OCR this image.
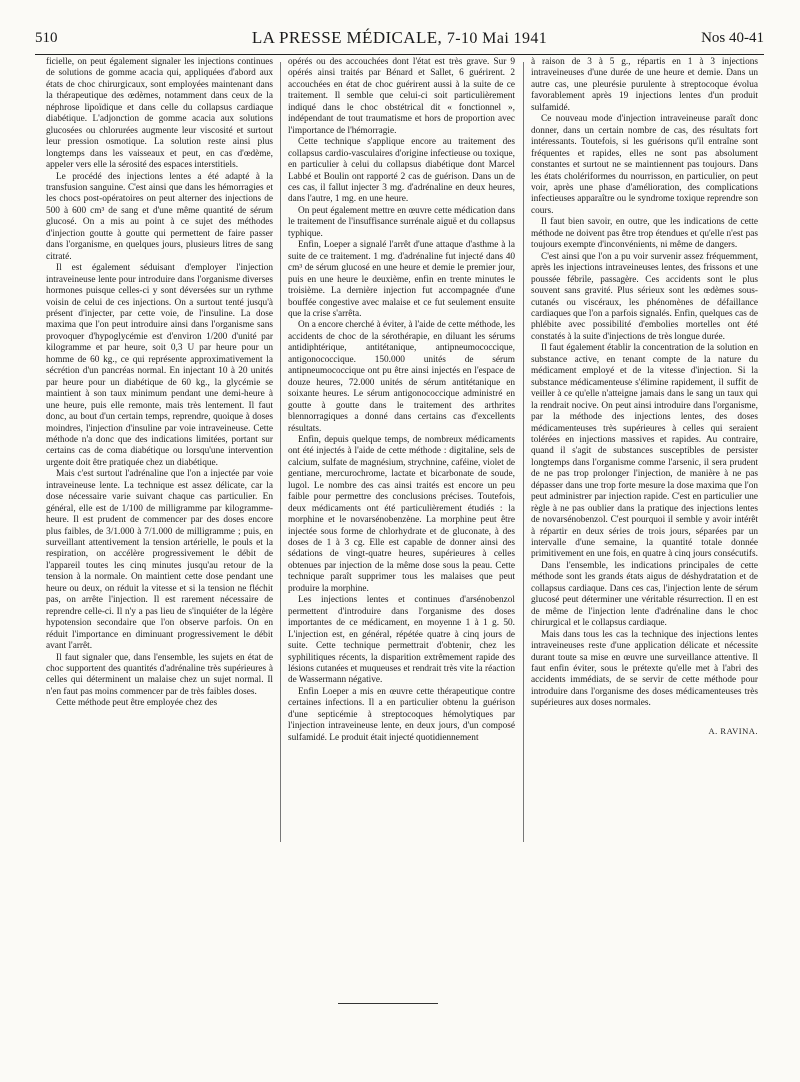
510	LA PRESSE MÉDICALE, 7-10 Mai 1941	Nos 40-41

ficielle, on peut également signaler les injections continues de solutions de gomme acacia qui, appliquées d'abord aux états de choc chirurgicaux, sont employées maintenant dans la thérapeutique des œdèmes, notamment dans ceux de la néphrose lipoïdique et dans celle du collapsus cardiaque diabétique. L'adjonction de gomme acacia aux solutions glucosées ou chlorurées augmente leur viscosité et surtout leur pression osmotique. La solution reste ainsi plus longtemps dans les vaisseaux et peut, en cas d'œdème, appeler vers elle la sérosité des espaces interstitiels.

Le procédé des injections lentes a été adapté à la transfusion sanguine. C'est ainsi que dans les hémorragies et les chocs post-opératoires on peut alterner des injections de 500 à 600 cm³ de sang et d'une même quantité de sérum glucosé. On a mis au point à ce sujet des méthodes d'injection goutte à goutte qui permettent de faire passer dans l'organisme, en quelques jours, plusieurs litres de sang citraté.

Il est également séduisant d'employer l'injection intraveineuse lente pour introduire dans l'organisme diverses hormones puisque celles-ci y sont déversées sur un rythme voisin de celui de ces injections. On a surtout tenté jusqu'à présent d'injecter, par cette voie, de l'insuline. La dose maxima que l'on peut introduire ainsi dans l'organisme sans provoquer d'hypoglycémie est d'environ 1/200 d'unité par kilogramme et par heure, soit 0,3 U par heure pour un homme de 60 kg., ce qui représente approximativement la sécrétion d'un pancréas normal. En injectant 10 à 20 unités par heure pour un diabétique de 60 kg., la glycémie se maintient à son taux minimum pendant une demi-heure à une heure, puis elle remonte, mais très lentement. Il faut donc, au bout d'un certain temps, reprendre, quoique à doses moindres, l'injection d'insuline par voie intraveineuse. Cette méthode n'a donc que des indications limitées, portant sur certains cas de coma diabétique ou lorsqu'une intervention urgente doit être pratiquée chez un diabétique.

Mais c'est surtout l'adrénaline que l'on a injectée par voie intraveineuse lente. La technique est assez délicate, car la dose nécessaire varie suivant chaque cas particulier. En général, elle est de 1/100 de milligramme par kilogramme-heure. Il est prudent de commencer par des doses encore plus faibles, de 3/1.000 à 7/1.000 de milligramme ; puis, en surveillant attentivement la tension artérielle, le pouls et la respiration, on accélère progressivement le débit de l'appareil toutes les cinq minutes jusqu'au retour de la tension à la normale. On maintient cette dose pendant une heure ou deux, on réduit la vitesse et si la tension ne fléchit pas, on arrête l'injection. Il est rarement nécessaire de reprendre celle-ci. Il n'y a pas lieu de s'inquiéter de la légère hypotension secondaire que l'on observe parfois. On en réduit l'importance en diminuant progressivement le débit avant l'arrêt.

Il faut signaler que, dans l'ensemble, les sujets en état de choc supportent des quantités d'adrénaline très supérieures à celles qui déterminent un malaise chez un sujet normal. Il n'en faut pas moins commencer par de très faibles doses.

Cette méthode peut être employée chez des

opérés ou des accouchées dont l'état est très grave. Sur 9 opérés ainsi traités par Bénard et Sallet, 6 guérirent. 2 accouchées en état de choc guérirent aussi à la suite de ce traitement. Il semble que celui-ci soit particulièrement indiqué dans le choc obstétrical dit « fonctionnel », indépendant de tout traumatisme et hors de proportion avec l'importance de l'hémorragie.

Cette technique s'applique encore au traitement des collapsus cardio-vasculaires d'origine infectieuse ou toxique, en particulier à celui du collapsus diabétique dont Marcel Labbé et Boulin ont rapporté 2 cas de guérison. Dans un de ces cas, il fallut injecter 3 mg. d'adrénaline en deux heures, dans l'autre, 1 mg. en une heure.

On peut également mettre en œuvre cette médication dans le traitement de l'insuffisance surrénale aiguë et du collapsus typhique.

Enfin, Loeper a signalé l'arrêt d'une attaque d'asthme à la suite de ce traitement. 1 mg. d'adrénaline fut injecté dans 40 cm³ de sérum glucosé en une heure et demie le premier jour, puis en une heure le deuxième, enfin en trente minutes le troisième. La dernière injection fut accompagnée d'une bouffée congestive avec malaise et ce fut seulement ensuite que la crise s'arrêta.

On a encore cherché à éviter, à l'aide de cette méthode, les accidents de choc de la sérothérapie, en diluant les sérums antidiphtérique, antitétanique, antipneumococcique, antigonococcique. 150.000 unités de sérum antipneumococcique ont pu être ainsi injectés en l'espace de douze heures, 72.000 unités de sérum antitétanique en soixante heures. Le sérum antigonococcique administré en goutte à goutte dans le traitement des arthrites blennorragiques a donné dans certains cas d'excellents résultats.

Enfin, depuis quelque temps, de nombreux médicaments ont été injectés à l'aide de cette méthode : digitaline, sels de calcium, sulfate de magnésium, strychnine, caféine, violet de gentiane, mercurochrome, lactate et bicarbonate de soude, lugol. Le nombre des cas ainsi traités est encore un peu faible pour permettre des conclusions précises. Toutefois, deux médicaments ont été particulièrement étudiés : la morphine et le novarsénobenzène. La morphine peut être injectée sous forme de chlorhydrate et de gluconate, à des doses de 1 à 3 cg. Elle est capable de donner ainsi des sédations de vingt-quatre heures, supérieures à celles obtenues par injection de la même dose sous la peau. Cette technique paraît supprimer tous les malaises que peut produire la morphine.

Les injections lentes et continues d'arsénobenzol permettent d'introduire dans l'organisme des doses importantes de ce médicament, en moyenne 1 à 1 g. 50. L'injection est, en général, répétée quatre à cinq jours de suite. Cette technique permettrait d'obtenir, chez les syphilitiques récents, la disparition extrêmement rapide des lésions cutanées et muqueuses et rendrait très vite la réaction de Wassermann négative.

Enfin Loeper a mis en œuvre cette thérapeutique contre certaines infections. Il a en particulier obtenu la guérison d'une septicémie à streptocoques hémolytiques par l'injection intraveineuse lente, en deux jours, d'un composé sulfamidé. Le produit était injecté quotidiennement

à raison de 3 à 5 g., répartis en 1 à 3 injections intraveineuses d'une durée de une heure et demie. Dans un autre cas, une pleurésie purulente à streptocoque évolua favorablement après 19 injections lentes d'un produit sulfamidé.

Ce nouveau mode d'injection intraveineuse paraît donc donner, dans un certain nombre de cas, des résultats fort intéressants. Toutefois, si les guérisons qu'il entraîne sont fréquentes et rapides, elles ne sont pas absolument constantes et surtout ne se maintiennent pas toujours. Dans les états cholériformes du nourrisson, en particulier, on peut voir, après une phase d'amélioration, des complications infectieuses apparaître ou le syndrome toxique reprendre son cours.

Il faut bien savoir, en outre, que les indications de cette méthode ne doivent pas être trop étendues et qu'elle n'est pas toujours exempte d'inconvénients, ni même de dangers.

C'est ainsi que l'on a pu voir survenir assez fréquemment, après les injections intraveineuses lentes, des frissons et une poussée fébrile, passagère. Ces accidents sont le plus souvent sans gravité. Plus sérieux sont les œdèmes sous-cutanés ou viscéraux, les phénomènes de défaillance cardiaques que l'on a parfois signalés. Enfin, quelques cas de phlébite avec possibilité d'embolies mortelles ont été constatés à la suite d'injections de très longue durée.

Il faut également établir la concentration de la solution en substance active, en tenant compte de la nature du médicament employé et de la vitesse d'injection. Si la substance médicamenteuse s'élimine rapidement, il suffit de veiller à ce qu'elle n'atteigne jamais dans le sang un taux qui la rendrait nocive. On peut ainsi introduire dans l'organisme, par la méthode des injections lentes, des doses médicamenteuses très supérieures à celles qui seraient tolérées en injections massives et rapides. Au contraire, quand il s'agit de substances susceptibles de persister longtemps dans l'organisme comme l'arsenic, il sera prudent de ne pas trop prolonger l'injection, de manière à ne pas dépasser dans une trop forte mesure la dose maxima que l'on peut administrer par injection rapide. C'est en particulier une règle à ne pas oublier dans la pratique des injections lentes de novarsénobenzol. C'est pourquoi il semble y avoir intérêt à répartir en deux séries de trois jours, séparées par un intervalle d'une semaine, la quantité totale donnée primitivement en une fois, en quatre à cinq jours consécutifs.

Dans l'ensemble, les indications principales de cette méthode sont les grands états aigus de déshydratation et de collapsus cardiaque. Dans ces cas, l'injection lente de sérum glucosé peut déterminer une véritable résurrection. Il en est de même de l'injection lente d'adrénaline dans le choc chirurgical et le collapsus cardiaque.

Mais dans tous les cas la technique des injections lentes intraveineuses reste d'une application délicate et nécessite durant toute sa mise en œuvre une surveillance attentive. Il faut enfin éviter, sous le prétexte qu'elle met à l'abri des accidents immédiats, de se servir de cette méthode pour introduire dans l'organisme des doses médicamenteuses très supérieures aux doses normales.

A. RAVINA.
